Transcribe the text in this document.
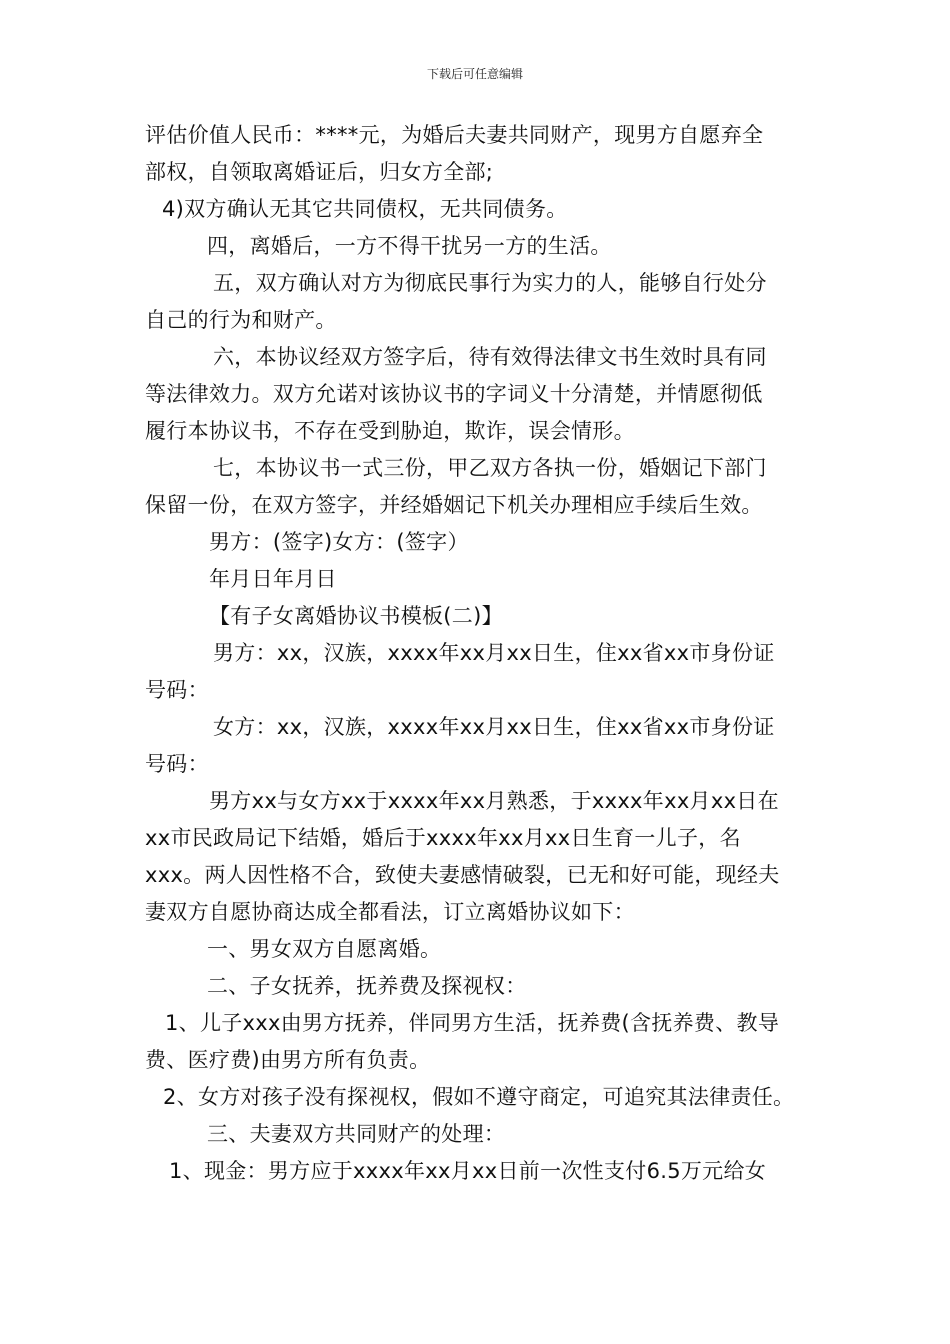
下载后可任意编辑
评估价值人民币：****元，为婚后夫妻共同财产，现男方自愿弃全
部权，自领取离婚证后，归女方全部;
4)双方确认无其它共同债权，无共同债务。
四，离婚后，一方不得干扰另一方的生活。
五，双方确认对方为彻底民事行为实力的人，能够自行处分
自己的行为和财产。
六，本协议经双方签字后，待有效得法律文书生效时具有同
等法律效力。双方允诺对该协议书的字词义十分清楚，并情愿彻低
履行本协议书，不存在受到胁迫，欺诈，误会情形。
七，本协议书一式三份，甲乙双方各执一份，婚姻记下部门
保留一份，在双方签字，并经婚姻记下机关办理相应手续后生效。
男方：(签字)女方：(签字）
年月日年月日
【有子女离婚协议书模板(二)】
男方：xx，汉族，xxxx年xx月xx日生，住xx省xx市身份证
号码：
女方：xx，汉族，xxxx年xx月xx日生，住xx省xx市身份证
号码：
男方xx与女方xx于xxxx年xx月熟悉，于xxxx年xx月xx日在
xx市民政局记下结婚，婚后于xxxx年xx月xx日生育一儿子，名
xxx。两人因性格不合，致使夫妻感情破裂，已无和好可能，现经夫
妻双方自愿协商达成全都看法，订立离婚协议如下：
一、男女双方自愿离婚。
二、子女抚养，抚养费及探视权：
1、儿子xxx由男方抚养，伴同男方生活，抚养费(含抚养费、教导
费、医疗费)由男方所有负责。
2、女方对孩子没有探视权，假如不遵守商定，可追究其法律责任。
三、夫妻双方共同财产的处理：
1、现金：男方应于xxxx年xx月xx日前一次性支付6.5万元给女
